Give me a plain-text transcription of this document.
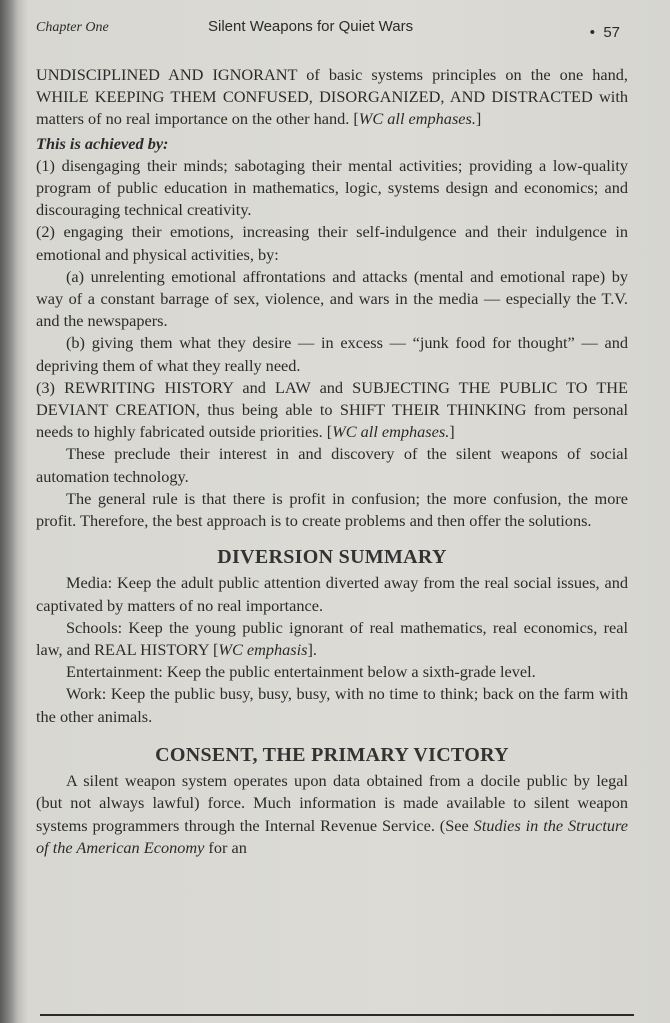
Chapter One	Silent Weapons for Quiet Wars	• 57

UNDISCIPLINED AND IGNORANT of basic systems principles on the one hand, WHILE KEEPING THEM CONFUSED, DISORGANIZED, AND DISTRACTED with matters of no real importance on the other hand. [WC all emphases.]

This is achieved by:

(1) disengaging their minds; sabotaging their mental activities; providing a low-quality program of public education in mathematics, logic, systems design and economics; and discouraging technical creativity.

(2) engaging their emotions, increasing their self-indulgence and their indulgence in emotional and physical activities, by:

(a) unrelenting emotional affrontations and attacks (mental and emotional rape) by way of a constant barrage of sex, violence, and wars in the media — especially the T.V. and the newspapers.

(b) giving them what they desire — in excess — “junk food for thought” — and depriving them of what they really need.

(3) REWRITING HISTORY and LAW and SUBJECTING THE PUBLIC TO THE DEVIANT CREATION, thus being able to SHIFT THEIR THINKING from personal needs to highly fabricated outside priorities. [WC all emphases.]

These preclude their interest in and discovery of the silent weapons of social automation technology.

The general rule is that there is profit in confusion; the more confusion, the more profit. Therefore, the best approach is to create problems and then offer the solutions.

DIVERSION SUMMARY

Media: Keep the adult public attention diverted away from the real social issues, and captivated by matters of no real importance.

Schools: Keep the young public ignorant of real mathematics, real economics, real law, and REAL HISTORY [WC emphasis].

Entertainment: Keep the public entertainment below a sixth-grade level.

Work: Keep the public busy, busy, busy, with no time to think; back on the farm with the other animals.

CONSENT, THE PRIMARY VICTORY

A silent weapon system operates upon data obtained from a docile public by legal (but not always lawful) force. Much information is made available to silent weapon systems programmers through the Internal Revenue Service. (See Studies in the Structure of the American Economy for an
